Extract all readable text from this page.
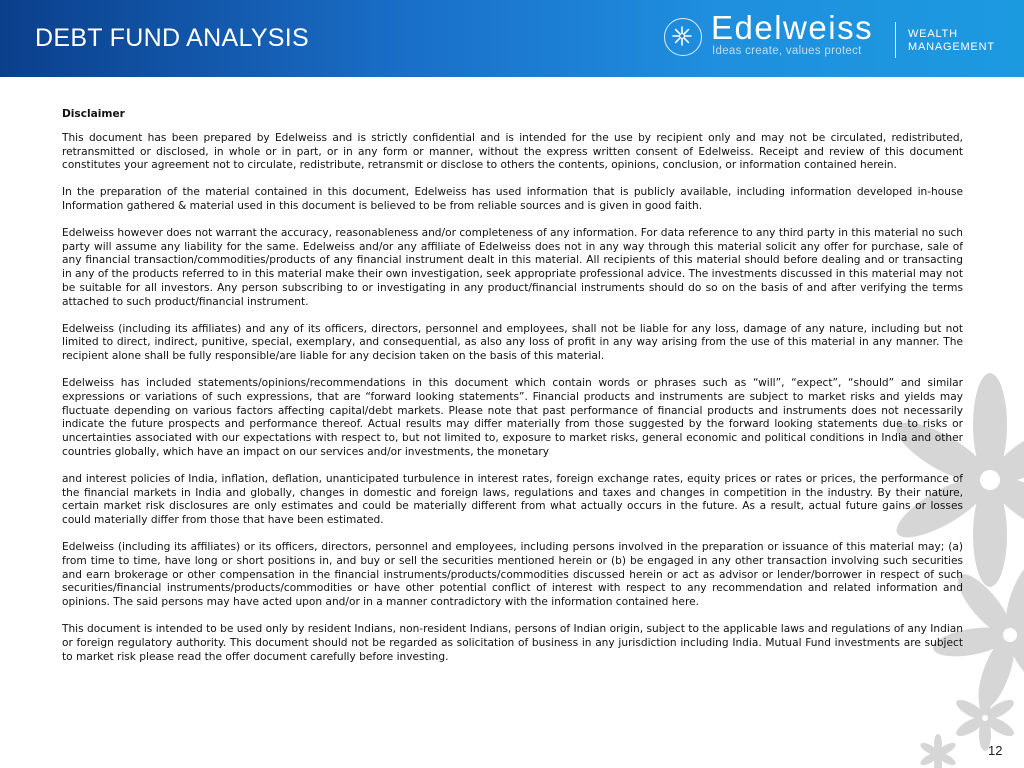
DEBT FUND ANALYSIS	Edelweiss
Ideas create, values protect
WEALTH
MANAGEMENT
Disclaimer

This document has been prepared by Edelweiss and is strictly confidential and is intended for the use by recipient only and may not be circulated, redistributed, retransmitted or disclosed, in whole or in part, or in any form or manner, without the express written consent of Edelweiss. Receipt and review of this document constitutes your agreement not to circulate, redistribute, retransmit or disclose to others the contents, opinions, conclusion, or information contained herein.

In the preparation of the material contained in this document, Edelweiss has used information that is publicly available, including information developed in-house Information gathered & material used in this document is believed to be from reliable sources and is given in good faith.

Edelweiss however does not warrant the accuracy, reasonableness and/or completeness of any information. For data reference to any third party in this material no such party will assume any liability for the same. Edelweiss and/or any affiliate of Edelweiss does not in any way through this material solicit any offer for purchase, sale of any financial transaction/commodities/products of any financial instrument dealt in this material. All recipients of this material should before dealing and or transacting in any of the products referred to in this material make their own investigation, seek appropriate professional advice. The investments discussed in this material may not be suitable for all investors. Any person subscribing to or investigating in any product/financial instruments should do so on the basis of and after verifying the terms attached to such product/financial instrument.

Edelweiss (including its affiliates) and any of its officers, directors, personnel and employees, shall not be liable for any loss, damage of any nature, including but not limited to direct, indirect, punitive, special, exemplary, and consequential, as also any loss of profit in any way arising from the use of this material in any manner. The recipient alone shall be fully responsible/are liable for any decision taken on the basis of this material.

Edelweiss has included statements/opinions/recommendations in this document which contain words or phrases such as “will”, “expect”, “should” and similar expressions or variations of such expressions, that are “forward looking statements”. Financial products and instruments are subject to market risks and yields may fluctuate depending on various factors affecting capital/debt markets. Please note that past performance of financial products and instruments does not necessarily indicate the future prospects and performance thereof. Actual results may differ materially from those suggested by the forward looking statements due to risks or uncertainties associated with our expectations with respect to, but not limited to, exposure to market risks, general economic and political conditions in India and other countries globally, which have an impact on our services and/or investments, the monetary

and interest policies of India, inflation, deflation, unanticipated turbulence in interest rates, foreign exchange rates, equity prices or rates or prices, the performance of the financial markets in India and globally, changes in domestic and foreign laws, regulations and taxes and changes in competition in the industry. By their nature, certain market risk disclosures are only estimates and could be materially different from what actually occurs in the future. As a result, actual future gains or losses could materially differ from those that have been estimated.

Edelweiss (including its affiliates) or its officers, directors, personnel and employees, including persons involved in the preparation or issuance of this material may; (a) from time to time, have long or short positions in, and buy or sell the securities mentioned herein or (b) be engaged in any other transaction involving such securities and earn brokerage or other compensation in the financial instruments/products/commodities discussed herein or act as advisor or lender/borrower in respect of such securities/financial instruments/products/commodities or have other potential conflict of interest with respect to any recommendation and related information and opinions. The said persons may have acted upon and/or in a manner contradictory with the information contained here.

This document is intended to be used only by resident Indians, non-resident Indians, persons of Indian origin, subject to the applicable laws and regulations of any Indian or foreign regulatory authority. This document should not be regarded as solicitation of business in any jurisdiction including India. Mutual Fund investments are subject to market risk please read the offer document carefully before investing.

12
